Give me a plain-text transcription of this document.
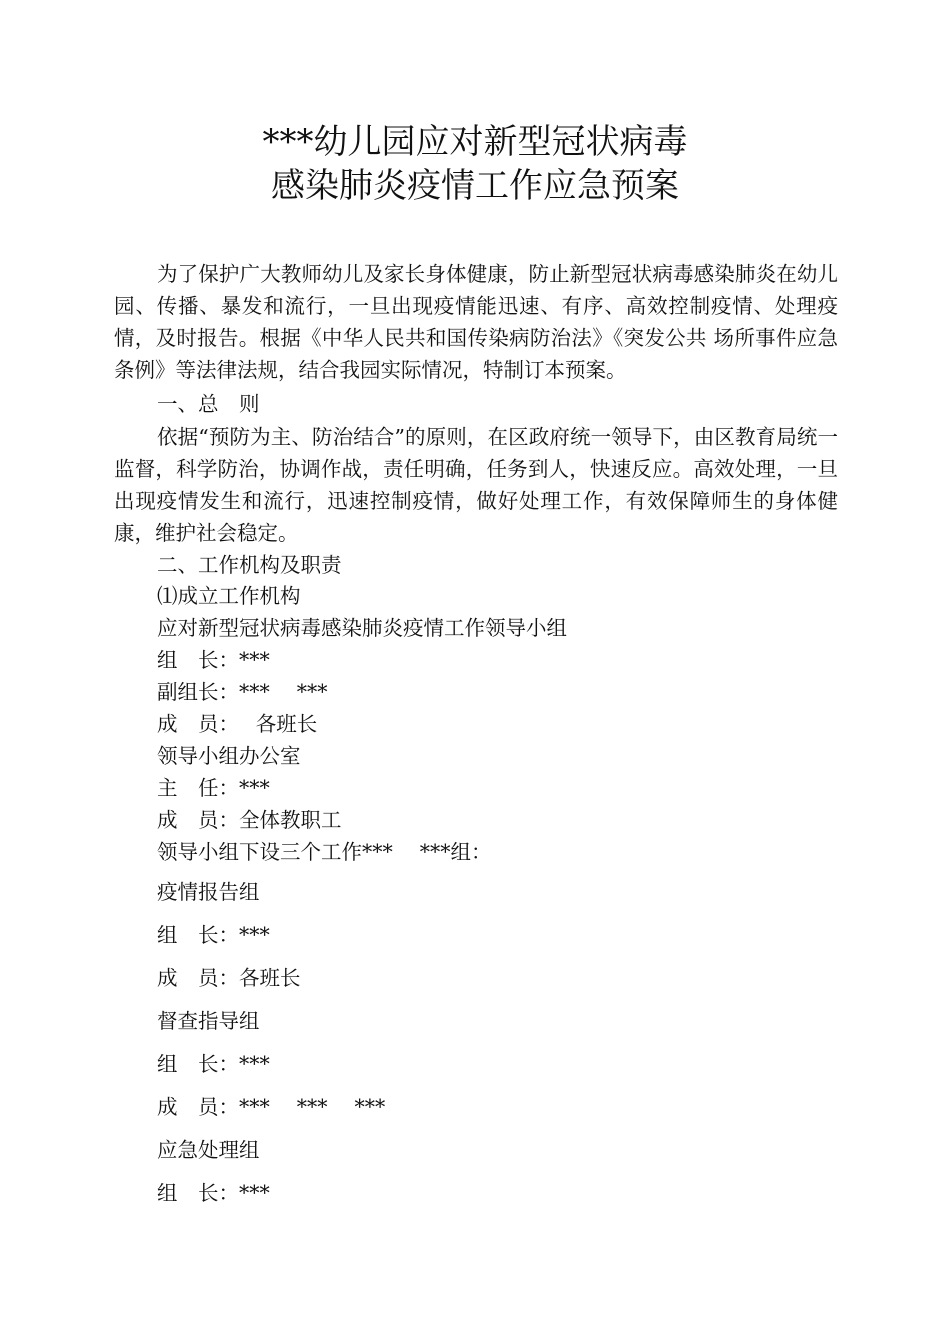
***幼儿园应对新型冠状病毒
感染肺炎疫情工作应急预案
为了保护广大教师幼儿及家长身体健康，防止新型冠状病毒感染肺炎在幼儿园、传播、暴发和流行，一旦出现疫情能迅速、有序、高效控制疫情、处理疫情，及时报告。根据《中华人民共和国传染病防治法》《突发公共 场所事件应急条例》等法律法规，结合我园实际情况，特制订本预案。
一、总　则
依据“预防为主、防治结合”的原则，在区政府统一领导下，由区教育局统一监督，科学防治，协调作战，责任明确，任务到人，快速反应。高效处理，一旦 出现疫情发生和流行，迅速控制疫情，做好处理工作，有效保障师生的身体健康，维护社会稳定。
二、工作机构及职责
⑴成立工作机构
应对新型冠状病毒感染肺炎疫情工作领导小组
组　长：***
副组长：***　 ***
成　员：　 各班长
领导小组办公室
主　任：***
成　员：全体教职工
领导小组下设三个工作***　 ***组：
疫情报告组
组　长：***
成　员：各班长
督查指导组
组　长：***
成　员：***　 ***　 ***
应急处理组
组　长：***
